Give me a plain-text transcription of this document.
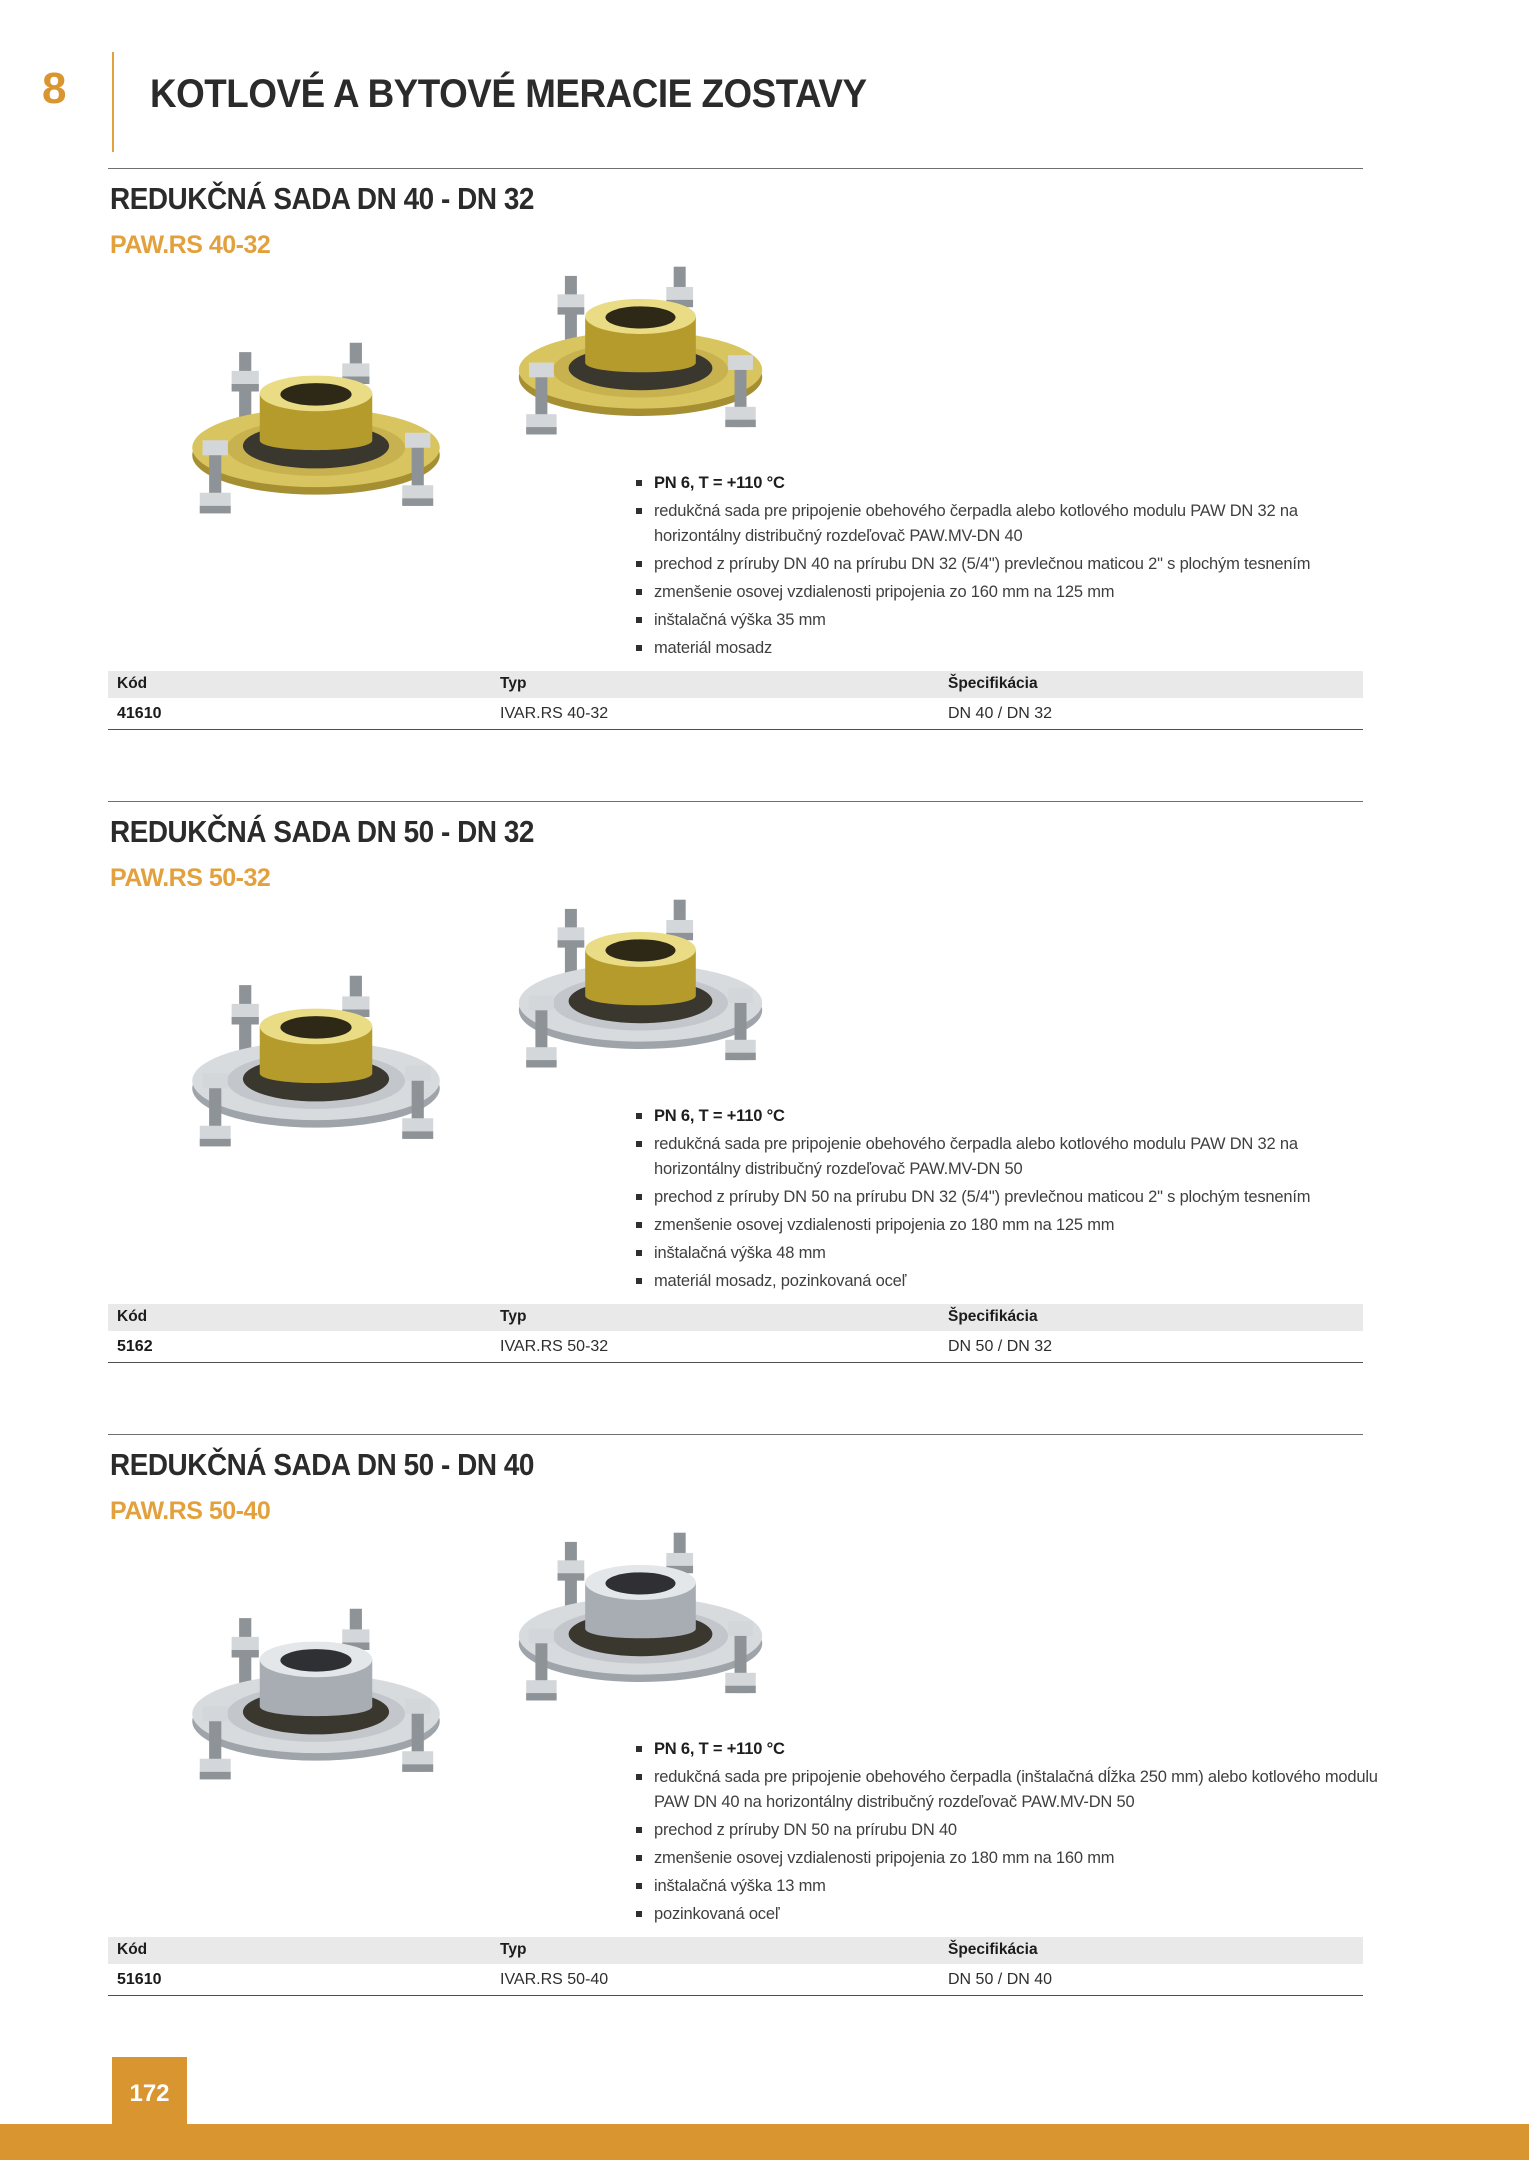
8 KOTLOVÉ A BYTOVÉ MERACIE ZOSTAVY
REDUKČNÁ SADA DN 40 - DN 32
PAW.RS 40-32
PN 6, T = +110 °C
redukčná sada pre pripojenie obehového čerpadla alebo kotlového modulu PAW DN 32 na horizontálny distribučný rozdeľovač PAW.MV-DN 40
prechod z príruby DN 40 na prírubu DN 32 (5/4") prevlečnou maticou 2" s plochým tesnením
zmenšenie osovej vzdialenosti pripojenia zo 160 mm na 125 mm
inštalačná výška 35 mm
materiál mosadz
Kód	Typ	Špecifikácia
41610	IVAR.RS 40-32	DN 40 / DN 32
REDUKČNÁ SADA DN 50 - DN 32
PAW.RS 50-32
PN 6, T = +110 °C
redukčná sada pre pripojenie obehového čerpadla alebo kotlového modulu PAW DN 32 na horizontálny distribučný rozdeľovač PAW.MV-DN 50
prechod z príruby DN 50 na prírubu DN 32 (5/4") prevlečnou maticou 2" s plochým tesnením
zmenšenie osovej vzdialenosti pripojenia zo 180 mm na 125 mm
inštalačná výška 48 mm
materiál mosadz, pozinkovaná oceľ
Kód	Typ	Špecifikácia
5162	IVAR.RS 50-32	DN 50 / DN 32
REDUKČNÁ SADA DN 50 - DN 40
PAW.RS 50-40
PN 6, T = +110 °C
redukčná sada pre pripojenie obehového čerpadla (inštalačná dĺžka 250 mm) alebo kotlového modulu PAW DN 40 na horizontálny distribučný rozdeľovač PAW.MV-DN 50
prechod z príruby DN 50 na prírubu DN 40
zmenšenie osovej vzdialenosti pripojenia zo 180 mm na 160 mm
inštalačná výška 13 mm
pozinkovaná oceľ
Kód	Typ	Špecifikácia
51610	IVAR.RS 50-40	DN 50 / DN 40
172
